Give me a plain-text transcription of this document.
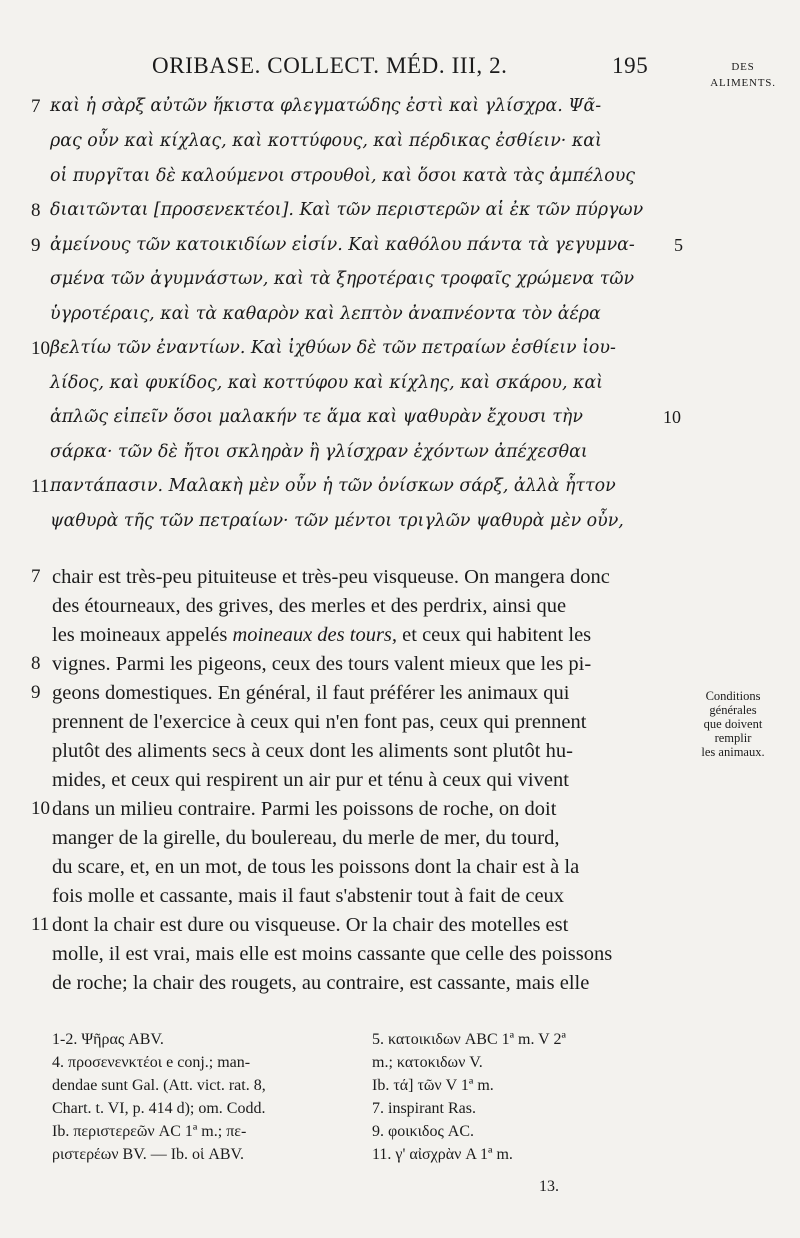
ORIBASE. COLLECT. MÉD. III, 2.	195	DES
ALIMENTS.
καὶ ἡ σὰρξ αὐτῶν ἥκιστα φλεγματώδης ἐστὶ καὶ γλίσχρα. Ψᾶ-
ρας οὖν καὶ κίχλας, καὶ κοττύφους, καὶ πέρδικας ἐσθίειν· καὶ
οἱ πυργῖται δὲ καλούμενοι στρουθοὶ, καὶ ὅσοι κατὰ τὰς ἀμπέλους
διαιτῶνται [προσενεκτέοι]. Καὶ τῶν περιστερῶν αἱ ἐκ τῶν πύργων
ἀμείνους τῶν κατοικιδίων εἰσίν. Καὶ καθόλου πάντα τὰ γεγυμνα-
σμένα τῶν ἀγυμνάστων, καὶ τὰ ξηροτέραις τροφαῖς χρώμενα τῶν
ὑγροτέραις, καὶ τὰ καθαρὸν καὶ λεπτὸν ἀναπνέοντα τὸν ἀέρα
βελτίω τῶν ἐναντίων. Καὶ ἰχθύων δὲ τῶν πετραίων ἐσθίειν ἰου-
λίδος, καὶ φυκίδος, καὶ κοττύφου καὶ κίχλης, καὶ σκάρου, καὶ
ἁπλῶς εἰπεῖν ὅσοι μαλακήν τε ἅμα καὶ ψαθυρὰν ἔχουσι τὴν
σάρκα· τῶν δὲ ἤτοι σκληρὰν ἢ γλίσχραν ἐχόντων ἀπέχεσθαι
παντάπασιν. Μαλακὴ μὲν οὖν ἡ τῶν ὀνίσκων σάρξ, ἀλλὰ ἧττον
ψαθυρὰ τῆς τῶν πετραίων· τῶν μέντοι τριγλῶν ψαθυρὰ μὲν οὖν,
7
8
9
10
11
5
10
chair est très-peu pituiteuse et très-peu visqueuse. On mangera donc
des étourneaux, des grives, des merles et des perdrix, ainsi que
les moineaux appelés moineaux des tours, et ceux qui habitent les
vignes. Parmi les pigeons, ceux des tours valent mieux que les pi-
geons domestiques. En général, il faut préférer les animaux qui
prennent de l'exercice à ceux qui n'en font pas, ceux qui prennent
plutôt des aliments secs à ceux dont les aliments sont plutôt hu-
mides, et ceux qui respirent un air pur et ténu à ceux qui vivent
dans un milieu contraire. Parmi les poissons de roche, on doit
manger de la girelle, du boulereau, du merle de mer, du tourd,
du scare, et, en un mot, de tous les poissons dont la chair est à la
fois molle et cassante, mais il faut s'abstenir tout à fait de ceux
dont la chair est dure ou visqueuse. Or la chair des motelles est
molle, il est vrai, mais elle est moins cassante que celle des poissons
de roche; la chair des rougets, au contraire, est cassante, mais elle
7
8
9
10
11
Conditions
générales
que doivent
remplir
les animaux.
1-2. Ψῆρας ABV.
4. προσενενκτέοι e conj.; man-
dendae sunt Gal. (Att. vict. rat. 8,
Chart. t. VI, p. 414 d); om. Codd.
Ib. περιστερεῶν AC 1ª m.; πε-
ριστερέων BV. — Ib. οἱ ABV.
5. κατοικιδων ABC 1ª m. V 2ª
m.; κατοκιδων V.
Ib. τά] τῶν V 1ª m.
7. inspirant Ras.
9. φοικιδος AC.
11. γ' αἰσχρὰν A 1ª m.
13.
